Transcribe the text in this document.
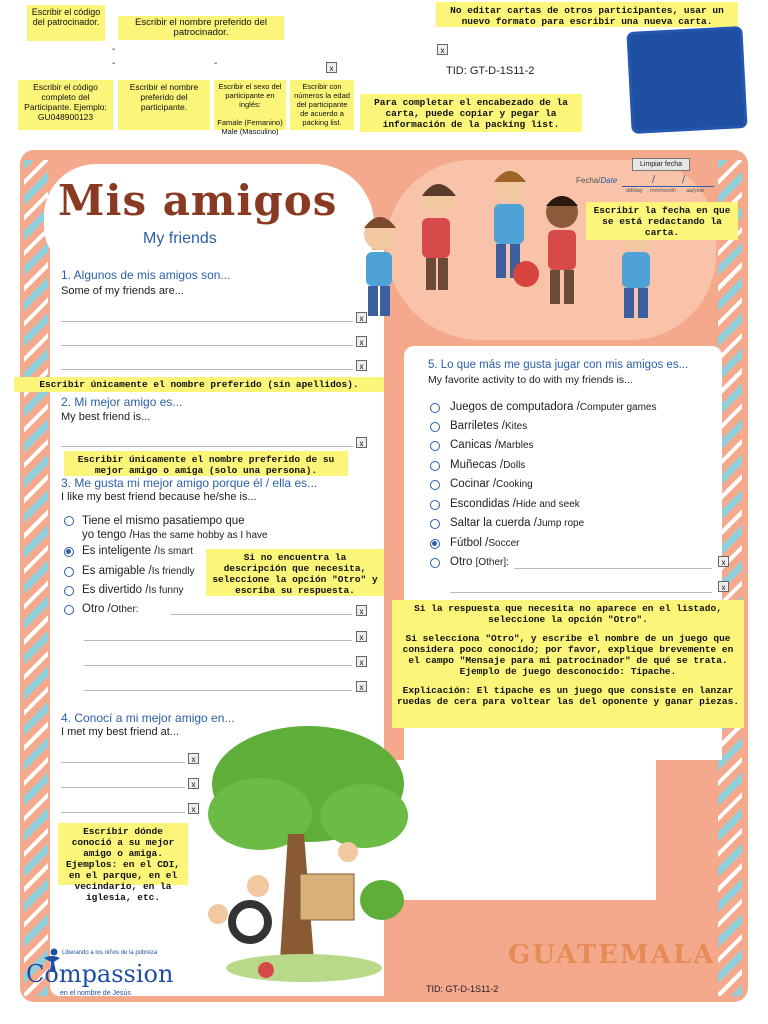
Escribir el código del patrocinador.	Escribir el nombre preferido del patrocinador.
No editar cartas de otros participantes, usar un nuevo formato para escribir una nueva carta.
-
-	-
x
x	TID: GT-D-1S11-2
Escribir el código completo del Participante. Ejemplo: GU048900123
Escribir el nombre preferido del participante.
Escribir el sexo del participante en inglés:

Famale (Femanino) Male (Masculino)
Escribir con números la edad del participante de acuerdo a packing list.
Para completar el encabezado de la carta, puede copiar y pegar la información de la packing list.
Mis amigos
My friends
Limpiar fecha
Fecha/Date	/ /
dd/day mm/month aa/year
Escribir la fecha en que se está redactando la carta.
1. Algunos de mis amigos son...
Some of my friends are...
x
x
x
Escribir únicamente el nombre preferido (sin apellidos).
2. Mi mejor amigo es...
My best friend is...
x
Escribir únicamente el nombre preferido de su mejor amigo o amiga (solo una persona).
3. Me gusta mi mejor amigo porque él / ella es...
I like my best friend because he/she is...
Tiene el mismo pasatiempo que
yo tengo /Has the same hobby as I have
Es inteligente /Is smart
Es amigable /Is friendly
Es divertido /Is funny
Otro /Other:	x
x
x
x
Si no encuentra la descripción que necesita, seleccione la opción "Otro" y escriba su respuesta.
4. Conocí a mi mejor amigo en...
I met my best friend at...
x
x
x
Escribir dónde conoció a su mejor amigo o amiga. Ejemplos: en el CDI, en el parque, en el vecindario, en la iglesia, etc.
5. Lo que más me gusta jugar con mis amigos es...
My favorite activity to do with my friends is...
Juegos de computadora /Computer games
Barriletes /Kites
Canicas /Marbles
Muñecas /Dolls
Cocinar /Cooking
Escondidas /Hide and seek
Saltar la cuerda /Jump rope
Fútbol /Soccer
Otro [Other]:	x
x
Si la respuesta que necesita no aparece en el listado, seleccione la opción "Otro".
Si selecciona "Otro", y escribe el nombre de un juego que considera poco conocido; por favor, explique brevemente en el campo "Mensaje para mi patrocinador" de qué se trata. Ejemplo de juego desconocido: Tipache.
Explicación: El tipache es un juego que consiste en lanzar ruedas de cera para voltear las del oponente y ganar piezas.
GUATEMALA
Liberando a los niños de la pobreza
Compassion
en el nombre de Jesús	TID: GT-D-1S11-2
